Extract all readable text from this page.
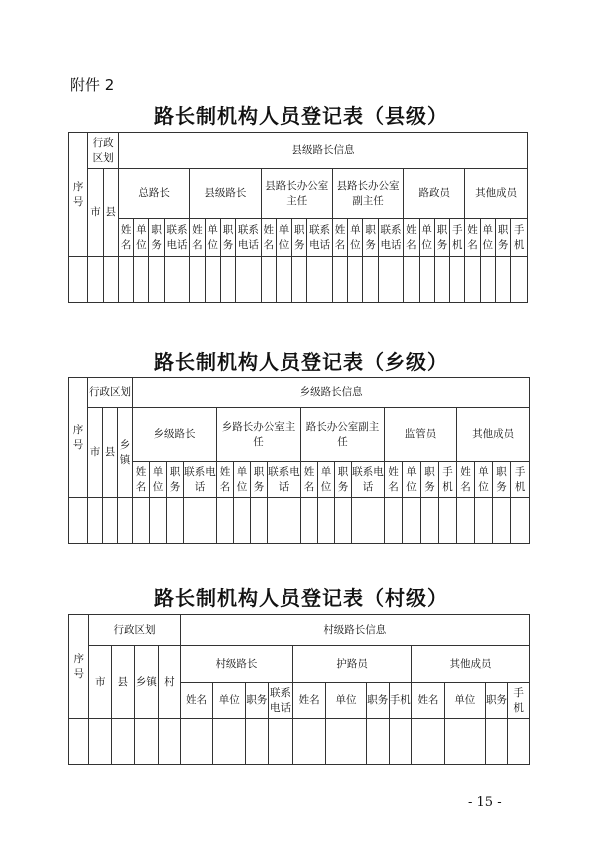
附件 2
路长制机构人员登记表（县级）
序号	行政区划		县级路长信息																							
	市	县	总路长				县级路长				县路长办公室主任				县路长办公室副主任				路政员				其他成员			
			姓名	单位	职务	联系电话	姓名	单位	职务	联系电话	姓名	单位	职务	联系电话	姓名	单位	职务	联系电话	姓名	单位	职务	手机	姓名	单位	职务	手机

路长制机构人员登记表（乡级）
序号	行政区划			乡级路长信息																			
	市	县	乡镇	乡级路长				乡路长办公室主任				路长办公室副主任				监管员				其他成员			
				姓名	单位	职务	联系电话	姓名	单位	职务	联系电话	姓名	单位	职务	联系电话	姓名	单位	职务	手机	姓名	单位	职务	手机

路长制机构人员登记表（村级）
序号	行政区划				村级路长信息											
	市	县	乡镇	村	村级路长				护路员				其他成员			
					姓名	单位	职务	联系电话	姓名	单位	职务	手机	姓名	单位	职务	手机

- 15 -
